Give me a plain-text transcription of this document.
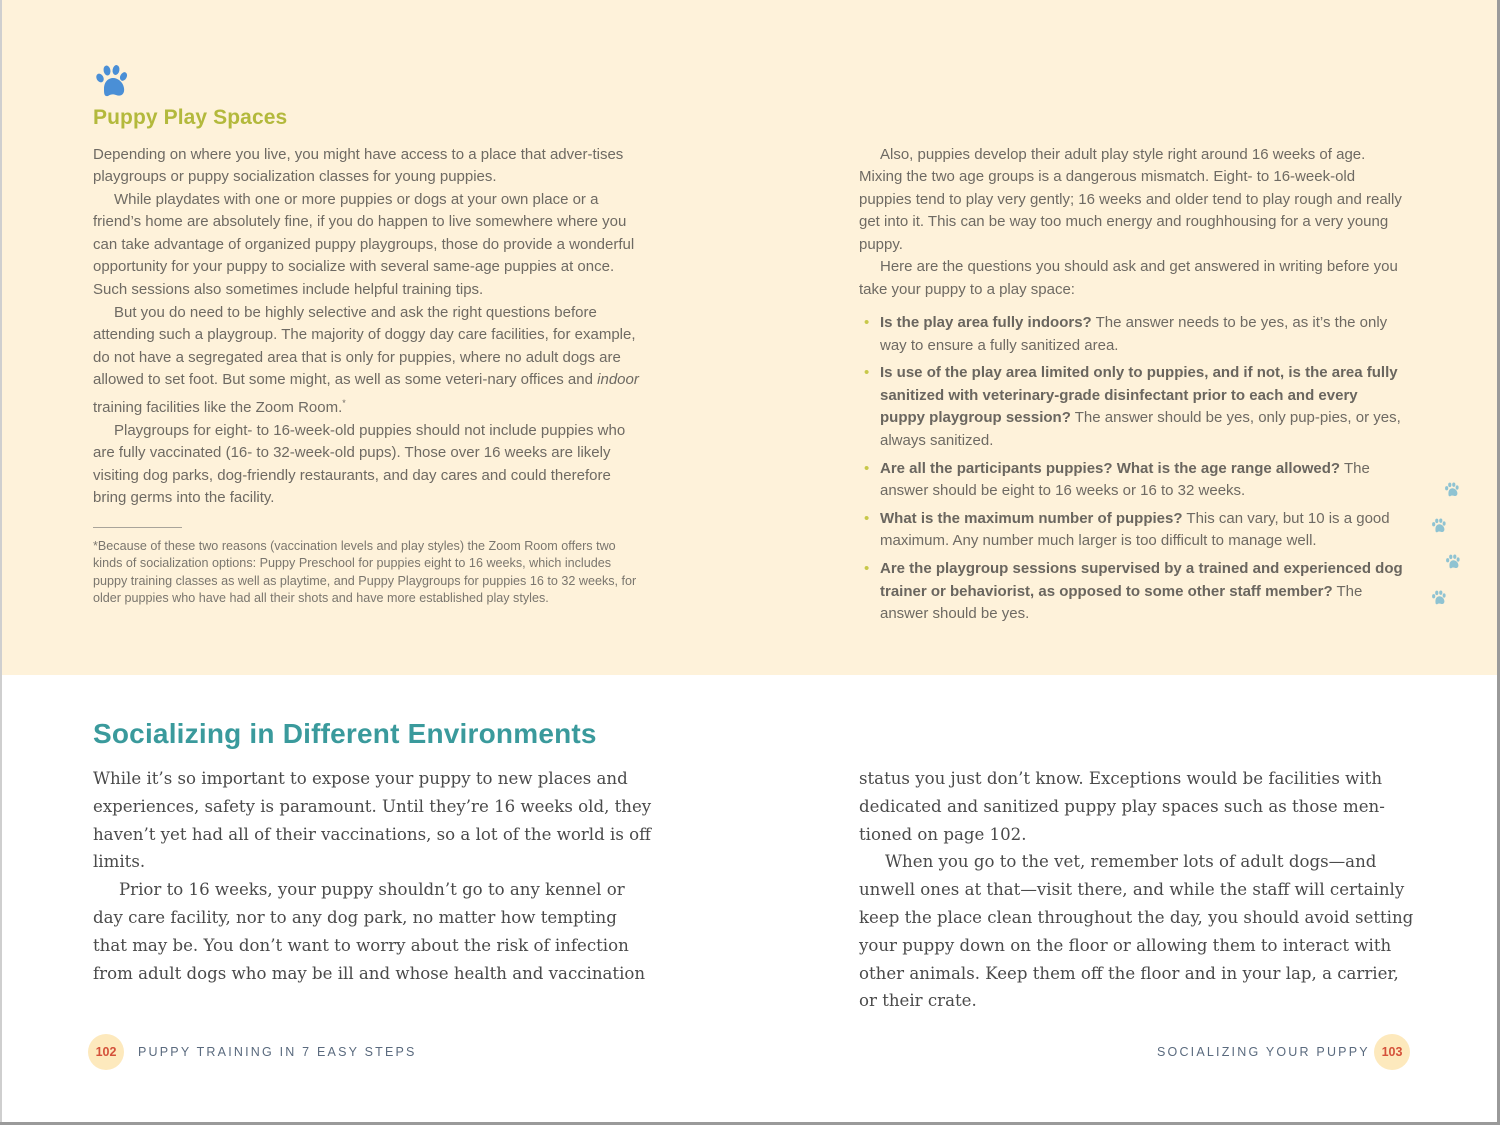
Puppy Play Spaces

Depending on where you live, you might have access to a place that adver-tises playgroups or puppy socialization classes for young puppies.

While playdates with one or more puppies or dogs at your own place or a friend’s home are absolutely fine, if you do happen to live somewhere where you can take advantage of organized puppy playgroups, those do provide a wonderful opportunity for your puppy to socialize with several same-age puppies at once. Such sessions also sometimes include helpful training tips.

But you do need to be highly selective and ask the right questions before attending such a playgroup. The majority of doggy day care facilities, for example, do not have a segregated area that is only for puppies, where no adult dogs are allowed to set foot. But some might, as well as some veteri-nary offices and indoor training facilities like the Zoom Room.*

Playgroups for eight- to 16-week-old puppies should not include puppies who are fully vaccinated (16- to 32-week-old pups). Those over 16 weeks are likely visiting dog parks, dog-friendly restaurants, and day cares and could therefore bring germs into the facility.

*Because of these two reasons (vaccination levels and play styles) the Zoom Room offers two kinds of socialization options: Puppy Preschool for puppies eight to 16 weeks, which includes puppy training classes as well as playtime, and Puppy Playgroups for puppies 16 to 32 weeks, for older puppies who have had all their shots and have more established play styles.

Also, puppies develop their adult play style right around 16 weeks of age. Mixing the two age groups is a dangerous mismatch. Eight- to 16-week-old puppies tend to play very gently; 16 weeks and older tend to play rough and really get into it. This can be way too much energy and roughhousing for a very young puppy.

Here are the questions you should ask and get answered in writing before you take your puppy to a play space:

• Is the play area fully indoors? The answer needs to be yes, as it’s the only way to ensure a fully sanitized area.
• Is use of the play area limited only to puppies, and if not, is the area fully sanitized with veterinary-grade disinfectant prior to each and every puppy playgroup session? The answer should be yes, only pup-pies, or yes, always sanitized.
• Are all the participants puppies? What is the age range allowed? The answer should be eight to 16 weeks or 16 to 32 weeks.
• What is the maximum number of puppies? This can vary, but 10 is a good maximum. Any number much larger is too difficult to manage well.
• Are the playgroup sessions supervised by a trained and experienced dog trainer or behaviorist, as opposed to some other staff member? The answer should be yes.
Socializing in Different Environments

While it’s so important to expose your puppy to new places and experiences, safety is paramount. Until they’re 16 weeks old, they haven’t yet had all of their vaccinations, so a lot of the world is off limits.

Prior to 16 weeks, your puppy shouldn’t go to any kennel or day care facility, nor to any dog park, no matter how tempting that may be. You don’t want to worry about the risk of infection from adult dogs who may be ill and whose health and vaccination

status you just don’t know. Exceptions would be facilities with dedicated and sanitized puppy play spaces such as those men-tioned on page 102.

When you go to the vet, remember lots of adult dogs—and unwell ones at that—visit there, and while the staff will certainly keep the place clean throughout the day, you should avoid setting your puppy down on the floor or allowing them to interact with other animals. Keep them off the floor and in your lap, a carrier, or their crate.

102	PUPPY TRAINING IN 7 EASY STEPS	SOCIALIZING YOUR PUPPY 103
